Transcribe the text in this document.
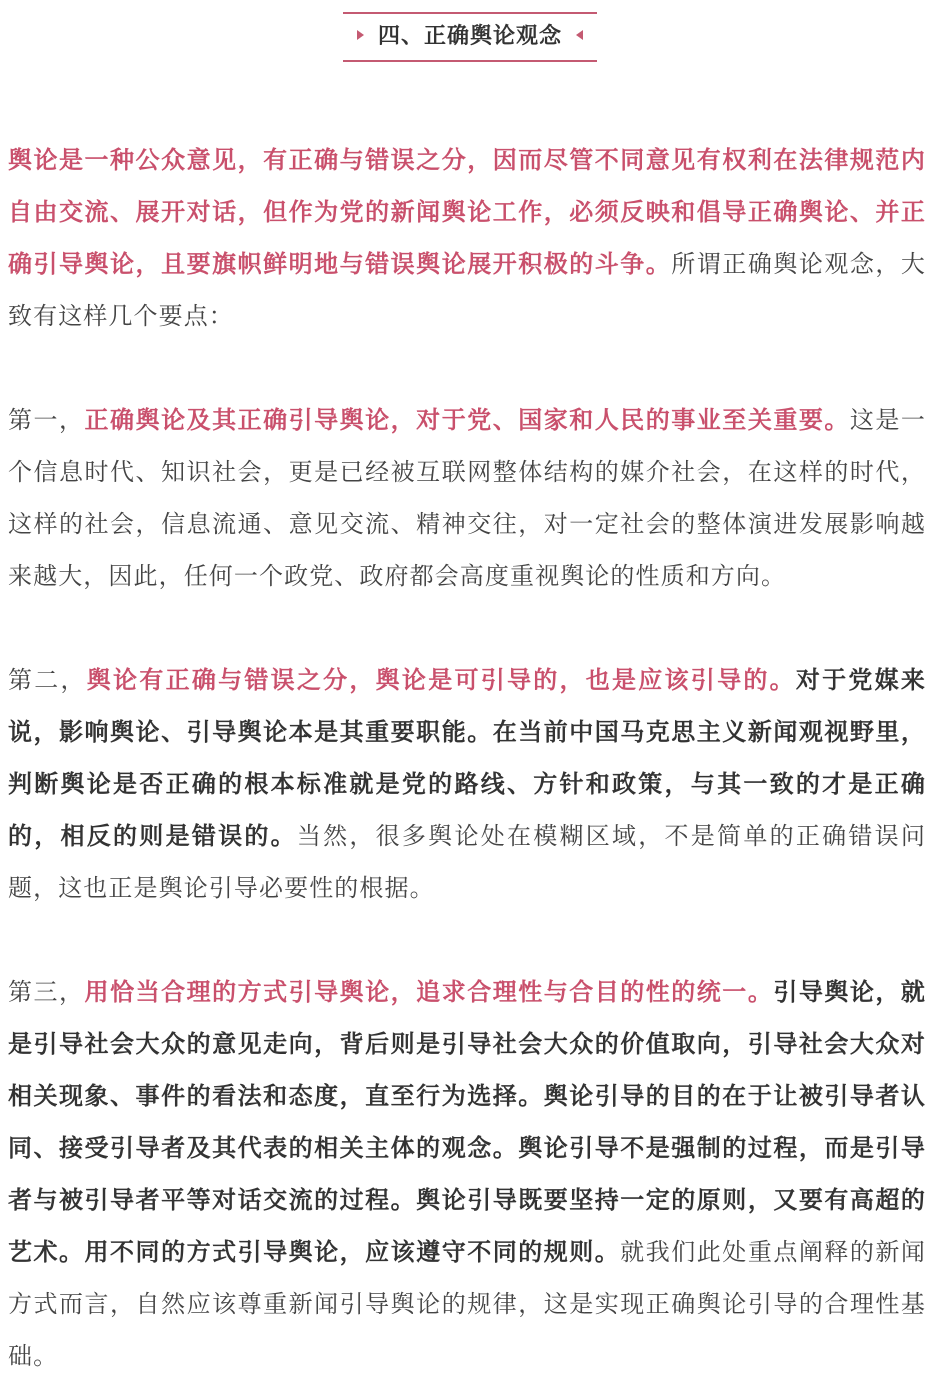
四、正确舆论观念

舆论是一种公众意见，有正确与错误之分，因而尽管不同意见有权利在法律规范内自由交流、展开对话，但作为党的新闻舆论工作，必须反映和倡导正确舆论、并正确引导舆论，且要旗帜鲜明地与错误舆论展开积极的斗争。所谓正确舆论观念，大致有这样几个要点：

第一，正确舆论及其正确引导舆论，对于党、国家和人民的事业至关重要。这是一个信息时代、知识社会，更是已经被互联网整体结构的媒介社会，在这样的时代，这样的社会，信息流通、意见交流、精神交往，对一定社会的整体演进发展影响越来越大，因此，任何一个政党、政府都会高度重视舆论的性质和方向。

第二，舆论有正确与错误之分，舆论是可引导的，也是应该引导的。对于党媒来说，影响舆论、引导舆论本是其重要职能。在当前中国马克思主义新闻观视野里，判断舆论是否正确的根本标准就是党的路线、方针和政策，与其一致的才是正确的，相反的则是错误的。当然，很多舆论处在模糊区域，不是简单的正确错误问题，这也正是舆论引导必要性的根据。

第三，用恰当合理的方式引导舆论，追求合理性与合目的性的统一。引导舆论，就是引导社会大众的意见走向，背后则是引导社会大众的价值取向，引导社会大众对相关现象、事件的看法和态度，直至行为选择。舆论引导的目的在于让被引导者认同、接受引导者及其代表的相关主体的观念。舆论引导不是强制的过程，而是引导者与被引导者平等对话交流的过程。舆论引导既要坚持一定的原则，又要有高超的艺术。用不同的方式引导舆论，应该遵守不同的规则。就我们此处重点阐释的新闻方式而言，自然应该尊重新闻引导舆论的规律，这是实现正确舆论引导的合理性基础。
